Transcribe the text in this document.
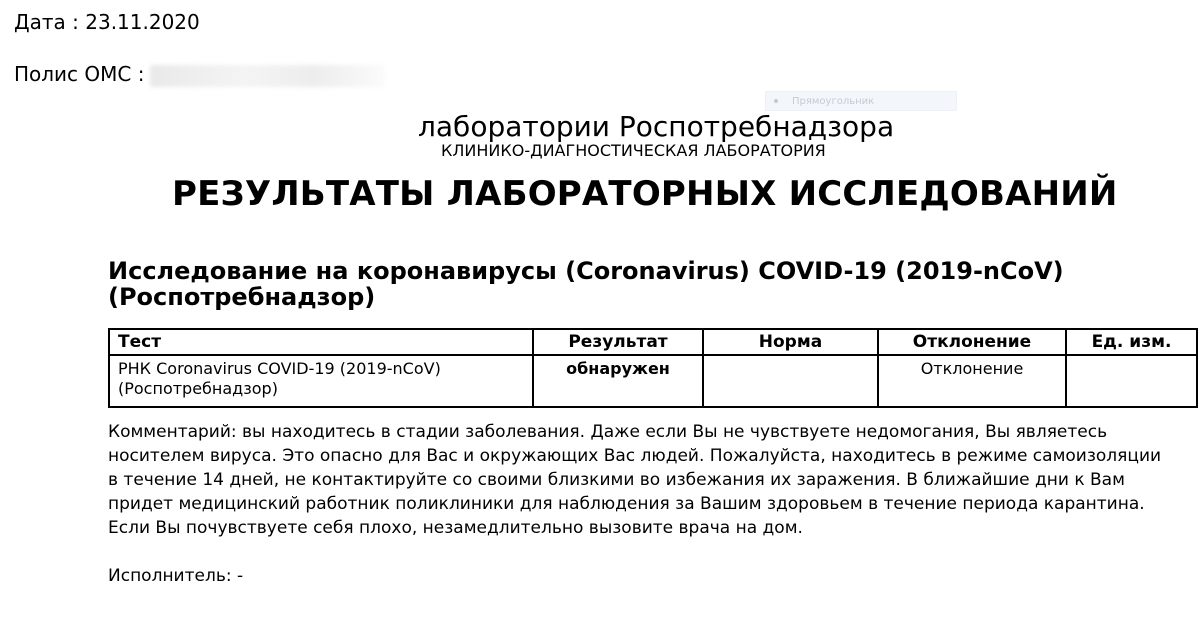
Дата : 23.11.2020
Полис ОМС :
Прямоугольник
лаборатории Роспотребнадзора
КЛИНИКО-ДИАГНОСТИЧЕСКАЯ ЛАБОРАТОРИЯ
РЕЗУЛЬТАТЫ ЛАБОРАТОРНЫХ ИССЛЕДОВАНИЙ
Исследование на коронавирусы (Coronavirus) COVID-19 (2019-nCoV) (Роспотребнадзор)
Тест	Результат	Норма	Отклонение	Ед. изм.
РНК Coronavirus COVID-19 (2019-nCoV) (Роспотребнадзор)	обнаружен		Отклонение	
Комментарий: вы находитесь в стадии заболевания. Даже если Вы не чувствуете недомогания, Вы являетесь носителем вируса. Это опасно для Вас и окружающих Вас людей. Пожалуйста, находитесь в режиме самоизоляции в течение 14 дней, не контактируйте со своими близкими во избежания их заражения. В ближайшие дни к Вам придет медицинский работник поликлиники для наблюдения за Вашим здоровьем в течение периода карантина. Если Вы почувствуете себя плохо, незамедлительно вызовите врача на дом.
Исполнитель: -
